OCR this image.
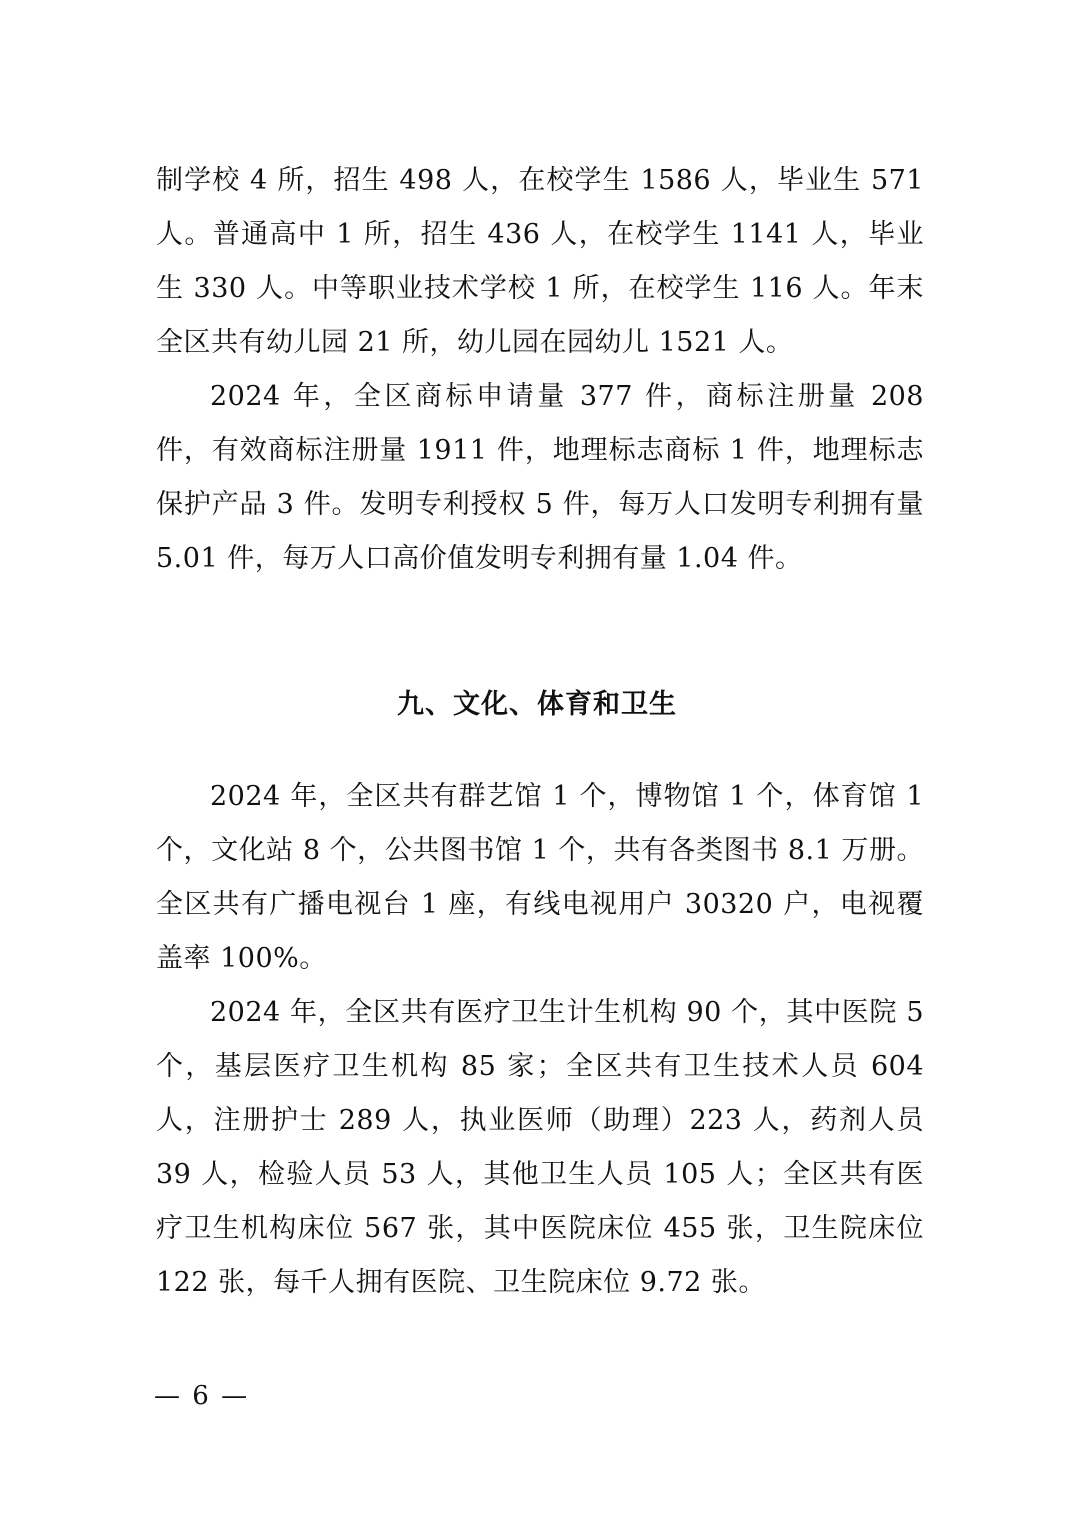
制学校 4 所，招生 498 人，在校学生 1586 人，毕业生 571 人。普通高中 1 所，招生 436 人，在校学生 1141 人，毕业生 330 人。中等职业技术学校 1 所，在校学生 116 人。年末全区共有幼儿园 21 所，幼儿园在园幼儿 1521 人。

2024 年，全区商标申请量 377 件，商标注册量 208 件，有效商标注册量 1911 件，地理标志商标 1 件，地理标志保护产品 3 件。发明专利授权 5 件，每万人口发明专利拥有量 5.01 件，每万人口高价值发明专利拥有量 1.04 件。

九、文化、体育和卫生

2024 年，全区共有群艺馆 1 个，博物馆 1 个，体育馆 1 个，文化站 8 个，公共图书馆 1 个，共有各类图书 8.1 万册。全区共有广播电视台 1 座，有线电视用户 30320 户，电视覆盖率 100%。

2024 年，全区共有医疗卫生计生机构 90 个，其中医院 5 个，基层医疗卫生机构 85 家；全区共有卫生技术人员 604 人，注册护士 289 人，执业医师（助理）223 人，药剂人员 39 人，检验人员 53 人，其他卫生人员 105 人；全区共有医疗卫生机构床位 567 张，其中医院床位 455 张，卫生院床位 122 张，每千人拥有医院、卫生院床位 9.72 张。

— 6 —
